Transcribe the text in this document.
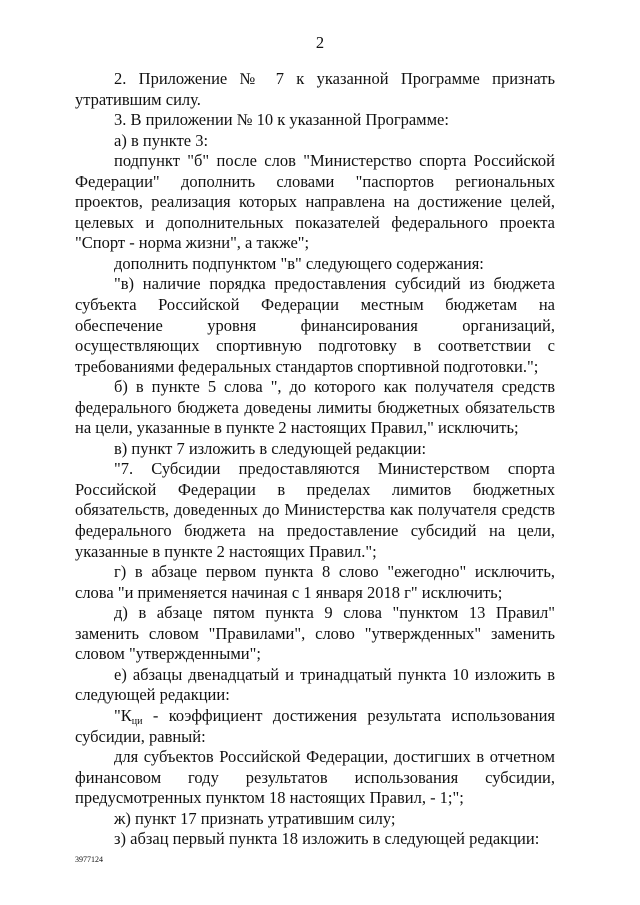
2

2. Приложение № 7 к указанной Программе признать утратившим силу.

3. В приложении № 10 к указанной Программе:

а) в пункте 3:

подпункт "б" после слов "Министерство спорта Российской Федерации" дополнить словами "паспортов региональных проектов, реализация которых направлена на достижение целей, целевых и дополнительных показателей федерального проекта "Спорт - норма жизни", а также";

дополнить подпунктом "в" следующего содержания:

"в) наличие порядка предоставления субсидий из бюджета субъекта Российской Федерации местным бюджетам на обеспечение уровня финансирования организаций, осуществляющих спортивную подготовку в соответствии с требованиями федеральных стандартов спортивной подготовки.";

б) в пункте 5 слова ", до которого как получателя средств федерального бюджета доведены лимиты бюджетных обязательств на цели, указанные в пункте 2 настоящих Правил," исключить;

в) пункт 7 изложить в следующей редакции:

"7. Субсидии предоставляются Министерством спорта Российской Федерации в пределах лимитов бюджетных обязательств, доведенных до Министерства как получателя средств федерального бюджета на предоставление субсидий на цели, указанные в пункте 2 настоящих Правил.";

г) в абзаце первом пункта 8 слово "ежегодно" исключить, слова "и применяется начиная с 1 января 2018 г" исключить;

д) в абзаце пятом пункта 9 слова "пунктом 13 Правил" заменить словом "Правилами", слово "утвержденных" заменить словом "утвержденными";

е) абзацы двенадцатый и тринадцатый пункта 10 изложить в следующей редакции:

"$К_{ци}$ - коэффициент достижения результата использования субсидии, равный:

для субъектов Российской Федерации, достигших в отчетном финансовом году результатов использования субсидии, предусмотренных пунктом 18 настоящих Правил, - 1;";

ж) пункт 17 признать утратившим силу;

з) абзац первый пункта 18 изложить в следующей редакции:

3977124
